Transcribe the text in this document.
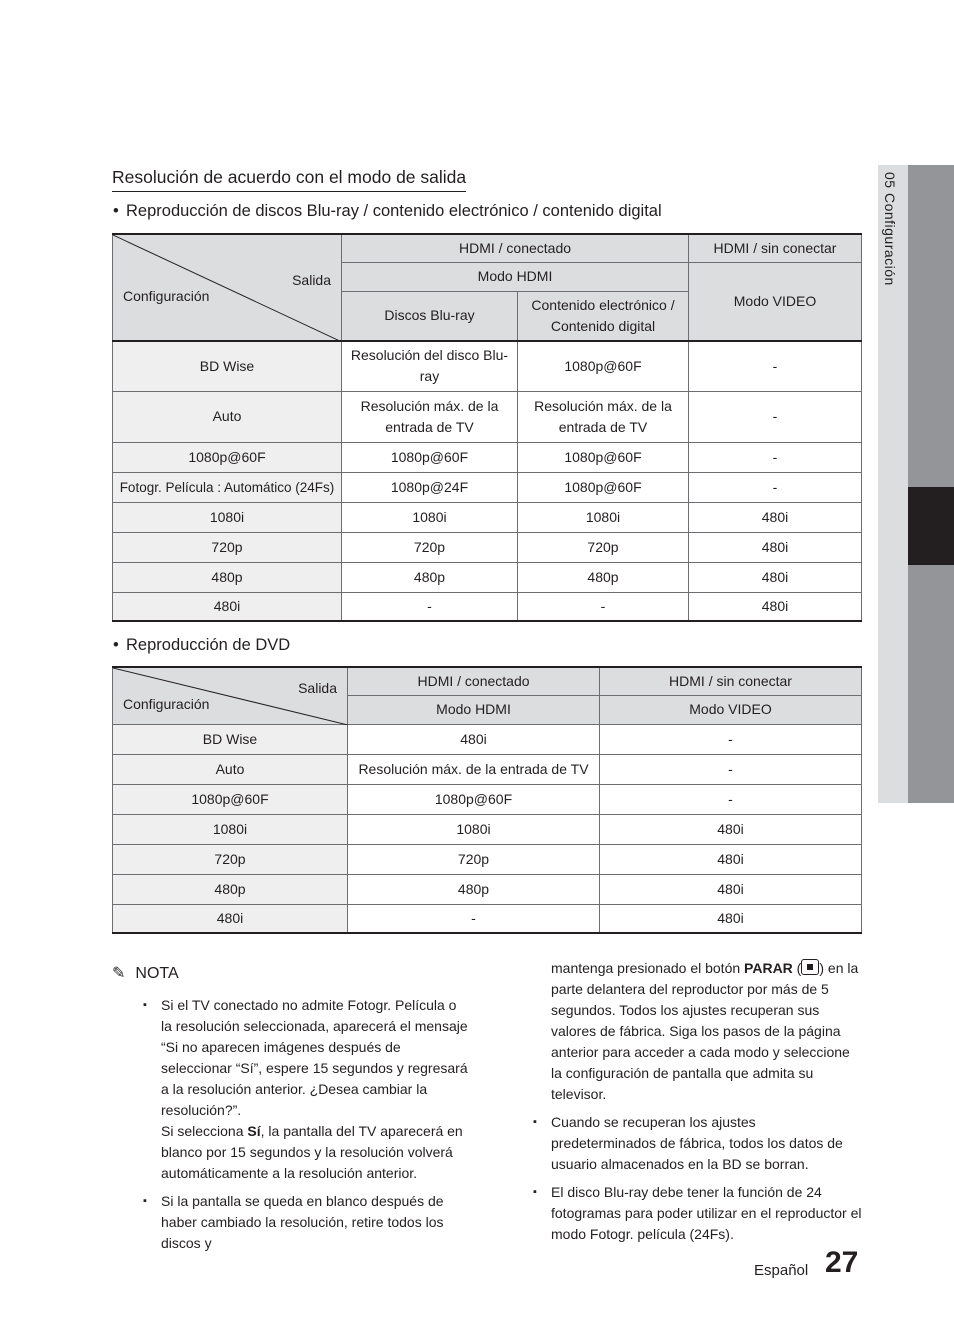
05 Configuración
Resolución de acuerdo con el modo de salida
• Reproducción de discos Blu-ray / contenido electrónico / contenido digital
Salida
Configuración	HDMI / conectado		HDMI / sin conectar
	Modo HDMI		Modo VIDEO
	Discos Blu-ray	Contenido electrónico / Contenido digital	
BD Wise	Resolución del disco Blu-ray	1080p@60F	-
Auto	Resolución máx. de la entrada de TV	Resolución máx. de la entrada de TV	-
1080p@60F	1080p@60F	1080p@60F	-
Fotogr. Película : Automático (24Fs)	1080p@24F	1080p@60F	-
1080i	1080i	1080i	480i
720p	720p	720p	480i
480p	480p	480p	480i
480i	-	-	480i
• Reproducción de DVD
Salida
Configuración	HDMI / conectado	HDMI / sin conectar
	Modo HDMI	Modo VIDEO
BD Wise	480i	-
Auto	Resolución máx. de la entrada de TV	-
1080p@60F	1080p@60F	-
1080i	1080i	480i
720p	720p	480i
480p	480p	480i
480i	-	480i
✎ NOTA

▪ Si el TV conectado no admite Fotogr. Película o la resolución seleccionada, aparecerá el mensaje “Si no aparecen imágenes después de seleccionar “Sí”, espere 15 segundos y regresará a la resolución anterior. ¿Desea cambiar la resolución?”.
Si selecciona Sí, la pantalla del TV aparecerá en blanco por 15 segundos y la resolución volverá automáticamente a la resolución anterior.

▪ Si la pantalla se queda en blanco después de haber cambiado la resolución, retire todos los discos y

mantenga presionado el botón PARAR ( ) en la parte delantera del reproductor por más de 5 segundos. Todos los ajustes recuperan sus valores de fábrica. Siga los pasos de la página anterior para acceder a cada modo y seleccione la configuración de pantalla que admita su televisor.

▪ Cuando se recuperan los ajustes predeterminados de fábrica, todos los datos de usuario almacenados en la BD se borran.

▪ El disco Blu-ray debe tener la función de 24 fotogramas para poder utilizar en el reproductor el modo Fotogr. película (24Fs).

Español 27
